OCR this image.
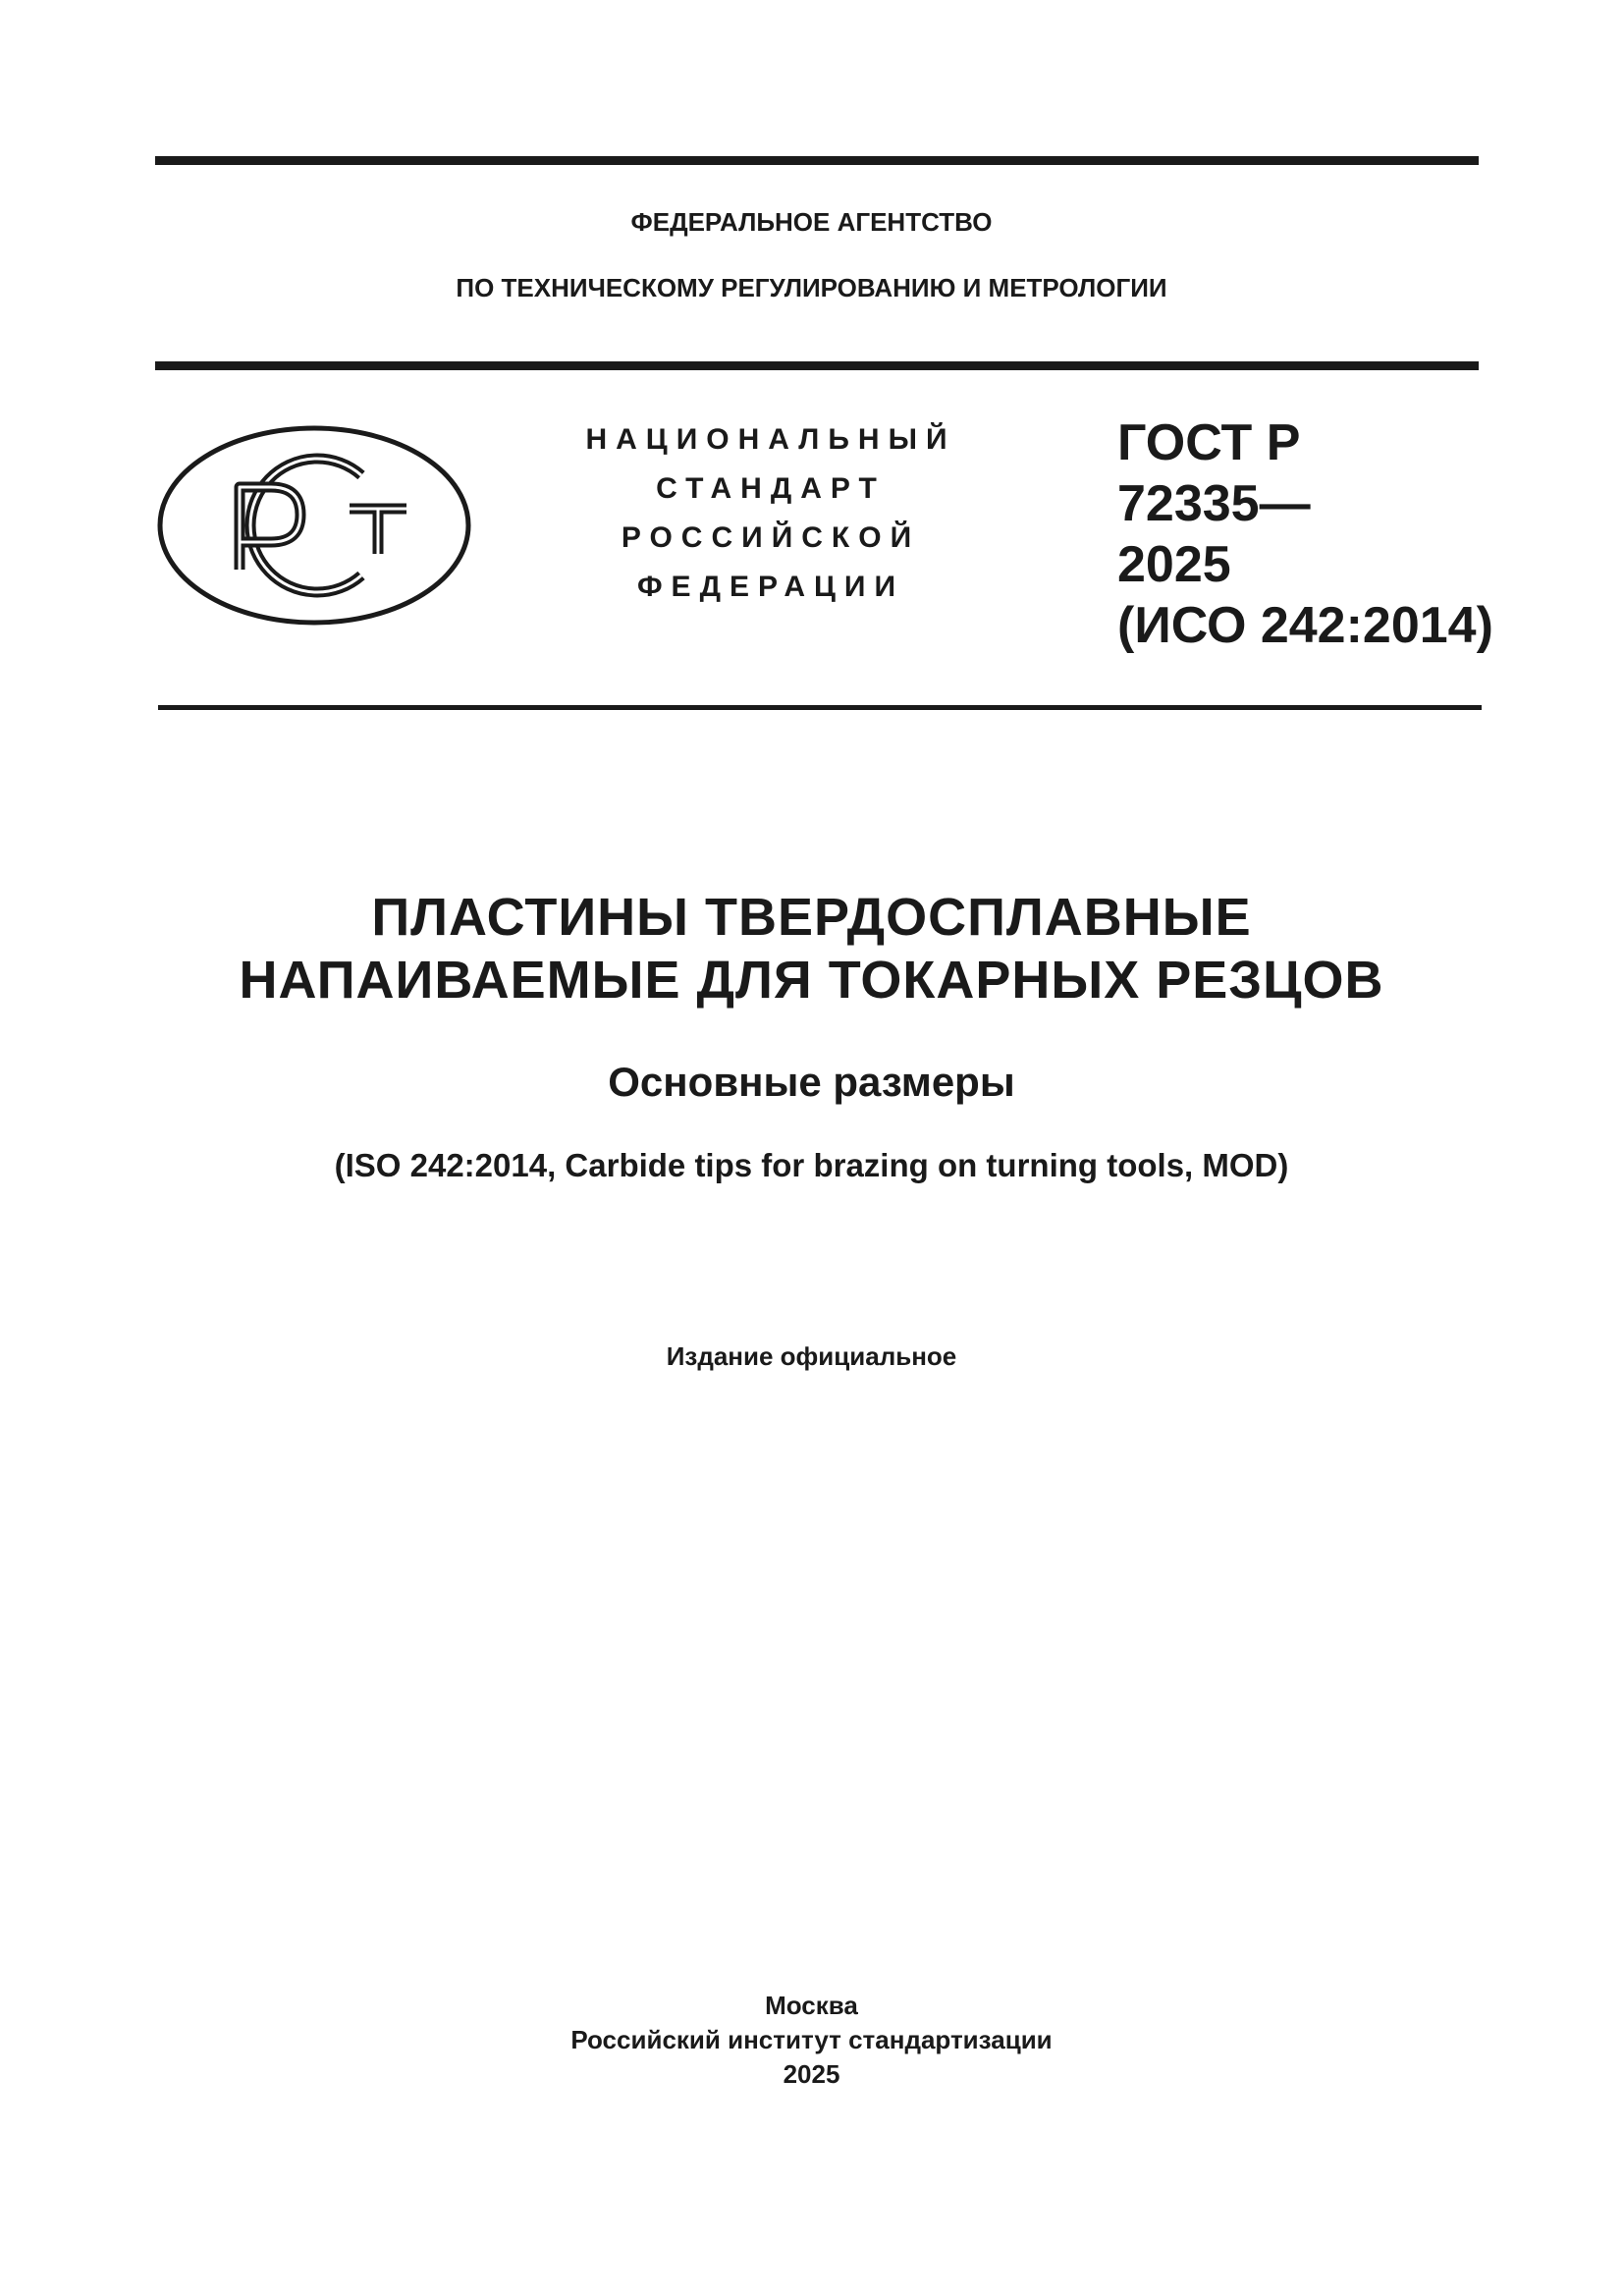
ФЕДЕРАЛЬНОЕ АГЕНТСТВО
ПО ТЕХНИЧЕСКОМУ РЕГУЛИРОВАНИЮ И МЕТРОЛОГИИ
НАЦИОНАЛЬНЫЙ
СТАНДАРТ
РОССИЙСКОЙ
ФЕДЕРАЦИИ
ГОСТ Р
72335—
2025
(ИСО 242:2014)
ПЛАСТИНЫ ТВЕРДОСПЛАВНЫЕ
НАПАИВАЕМЫЕ ДЛЯ ТОКАРНЫХ РЕЗЦОВ
Основные размеры
(ISO 242:2014, Carbide tips for brazing on turning tools, MOD)
Издание официальное
Москва
Российский институт стандартизации
2025
